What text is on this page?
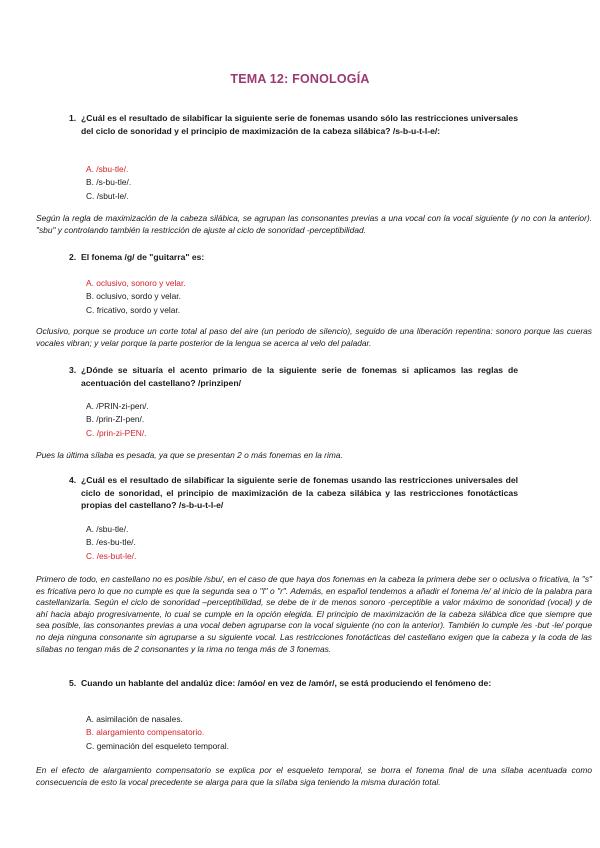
TEMA 12: FONOLOGÍA
1. ¿Cuál es el resultado de silabificar la siguiente serie de fonemas usando sólo las restricciones universales del ciclo de sonoridad y el principio de maximización de la cabeza silábica? /s-b-u-t-l-e/:
A. /sbu-tle/.
B. /s-bu-tle/.
C. /sbut-le/.
Según la regla de maximización de la cabeza silábica, se agrupan las consonantes previas a una vocal con la vocal siguiente (y no con la anterior). "sbu" y controlando también la restricción de ajuste al ciclo de sonoridad -perceptibilidad.
2. El fonema /g/ de "guitarra" es:
A. oclusivo, sonoro y velar.
B. oclusivo, sordo y velar.
C. fricativo, sordo y velar.
Oclusivo, porque se produce un corte total al paso del aire (un periodo de silencio), seguido de una liberación repentina: sonoro porque las cueras vocales vibran; y velar porque la parte posterior de la lengua se acerca al velo del paladar.
3. ¿Dónde se situaría el acento primario de la siguiente serie de fonemas si aplicamos las reglas de acentuación del castellano? /prinzipen/
A. /PRIN-zi-pen/.
B. /prin-ZI-pen/.
C. /prin-zi-PEN/.
Pues la última sílaba es pesada, ya que se presentan 2 o más fonemas en la rima.
4. ¿Cuál es el resultado de silabificar la siguiente serie de fonemas usando las restricciones universales del ciclo de sonoridad, el principio de maximización de la cabeza silábica y las restricciones fonotácticas propias del castellano? /s-b-u-t-l-e/
A. /sbu-tle/.
B. /es-bu-tle/.
C. /es-but-le/.
Primero de todo, en castellano no es posible /sbu/, en el caso de que haya dos fonemas en la cabeza la primera debe ser o oclusiva o fricativa, la "s" es fricativa pero lo que no cumple es que la segunda sea o "l" o "r". Además, en español tendemos a añadir el fonema /e/ al inicio de la palabra para castellanizarla. Según el ciclo de sonoridad –perceptibilidad, se debe de ir de menos sonoro -perceptible a valor máximo de sonoridad (vocal) y de ahí hacia abajo progresivamente, lo cual se cumple en la opción elegida. El principio de maximización de la cabeza silábica dice que siempre que sea posible, las consonantes previas a una vocal deben agruparse con la vocal siguiente (no con la anterior). También lo cumple /es -but -le/ porque no deja ninguna consonante sin agruparse a su siguiente vocal. Las restricciones fonotácticas del castellano exigen que la cabeza y la coda de las sílabas no tengan más de 2 consonantes y la rima no tenga más de 3 fonemas.
5. Cuando un hablante del andalúz dice: /amóo/ en vez de /amór/, se está produciendo el fenómeno de:
A. asimilación de nasales.
B. alargamiento compensatorio.
C. geminación del esqueleto temporal.
En el efecto de alargamiento compensatorio se explica por el esqueleto temporal, se borra el fonema final de una sílaba acentuada como consecuencia de esto la vocal precedente se alarga para que la sílaba siga teniendo la misma duración total.
